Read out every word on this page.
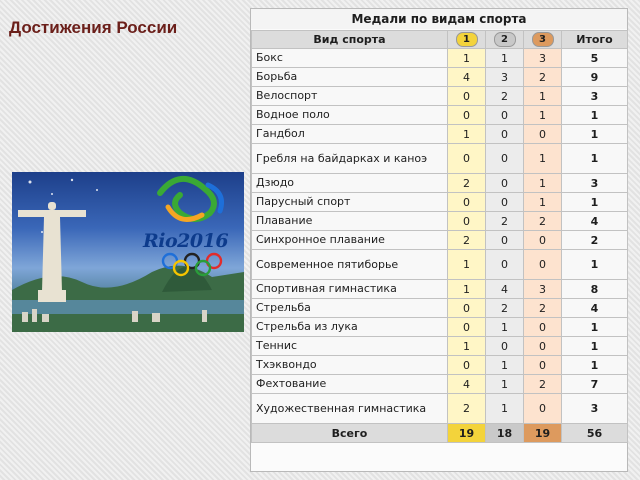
Достижения России
Rio2016
Медали по видам спорта
Вид спорта	1	2	3	Итого
Бокс	1	1	3	5
Борьба	4	3	2	9
Велоспорт	0	2	1	3
Водное поло	0	0	1	1
Гандбол	1	0	0	1
Гребля на байдарках и каноэ	0	0	1	1
Дзюдо	2	0	1	3
Парусный спорт	0	0	1	1
Плавание	0	2	2	4
Синхронное плавание	2	0	0	2
Современное пятиборье	1	0	0	1
Спортивная гимнастика	1	4	3	8
Стрельба	0	2	2	4
Стрельба из лука	0	1	0	1
Теннис	1	0	0	1
Тхэквондо	0	1	0	1
Фехтование	4	1	2	7
Художественная гимнастика	2	1	0	3
Всего	19	18	19	56
